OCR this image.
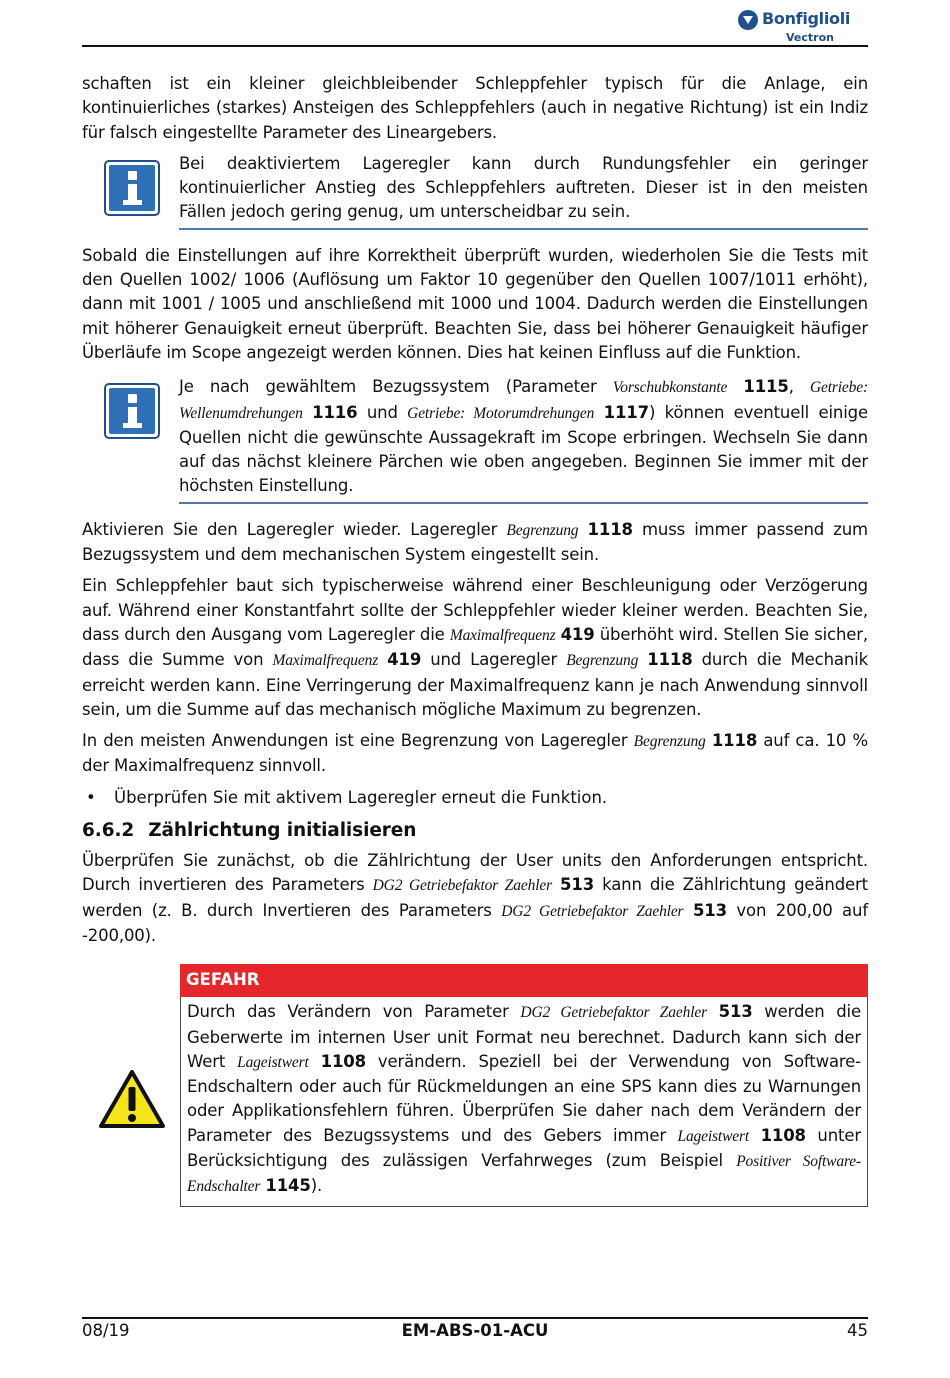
Bonfiglioli
Vectron

schaften ist ein kleiner gleichbleibender Schleppfehler typisch für die Anlage, ein kontinuierliches (starkes) Ansteigen des Schleppfehlers (auch in negative Richtung) ist ein Indiz für falsch eingestellte Parameter des Lineargebers.

Bei deaktiviertem Lageregler kann durch Rundungsfehler ein geringer kontinuierlicher Anstieg des Schleppfehlers auftreten. Dieser ist in den meisten Fällen jedoch gering genug, um unterscheidbar zu sein.

Sobald die Einstellungen auf ihre Korrektheit überprüft wurden, wiederholen Sie die Tests mit den Quellen 1002/ 1006 (Auflösung um Faktor 10 gegenüber den Quellen 1007/1011 erhöht), dann mit 1001 / 1005 und anschließend mit 1000 und 1004. Dadurch werden die Einstellungen mit höherer Genauigkeit erneut überprüft. Beachten Sie, dass bei höherer Genauigkeit häufiger Überläufe im Scope angezeigt werden können. Dies hat keinen Einfluss auf die Funktion.

Je nach gewähltem Bezugssystem (Parameter Vorschubkonstante 1115, Getriebe: Wellenumdrehungen 1116 und Getriebe: Motorumdrehungen 1117) können eventuell einige Quellen nicht die gewünschte Aussagekraft im Scope erbringen. Wechseln Sie dann auf das nächst kleinere Pärchen wie oben angegeben. Beginnen Sie immer mit der höchsten Einstellung.

Aktivieren Sie den Lageregler wieder. Lageregler Begrenzung 1118 muss immer passend zum Bezugssystem und dem mechanischen System eingestellt sein.

Ein Schleppfehler baut sich typischerweise während einer Beschleunigung oder Verzögerung auf. Während einer Konstantfahrt sollte der Schleppfehler wieder kleiner werden. Beachten Sie, dass durch den Ausgang vom Lageregler die Maximalfrequenz 419 überhöht wird. Stellen Sie sicher, dass die Summe von Maximalfrequenz 419 und Lageregler Begrenzung 1118 durch die Mechanik erreicht werden kann. Eine Verringerung der Maximalfrequenz kann je nach Anwendung sinnvoll sein, um die Summe auf das mechanisch mögliche Maximum zu begrenzen.

In den meisten Anwendungen ist eine Begrenzung von Lageregler Begrenzung 1118 auf ca. 10 % der Maximalfrequenz sinnvoll.

• Überprüfen Sie mit aktivem Lageregler erneut die Funktion.
6.6.2 Zählrichtung initialisieren

Überprüfen Sie zunächst, ob die Zählrichtung der User units den Anforderungen entspricht. Durch invertieren des Parameters DG2 Getriebefaktor Zaehler 513 kann die Zählrichtung geändert werden (z. B. durch Invertieren des Parameters DG2 Getriebefaktor Zaehler 513 von 200,00 auf -200,00).

GEFAHR
Durch das Verändern von Parameter DG2 Getriebefaktor Zaehler 513 werden die Geberwerte im internen User unit Format neu berechnet. Dadurch kann sich der Wert Lageistwert 1108 verändern. Speziell bei der Verwendung von Software-Endschaltern oder auch für Rückmeldungen an eine SPS kann dies zu Warnungen oder Applikationsfehlern führen. Überprüfen Sie daher nach dem Verändern der Parameter des Bezugssystems und des Gebers immer Lageistwert 1108 unter Berücksichtigung des zulässigen Verfahrweges (zum Beispiel Positiver Software-Endschalter 1145).
08/19	EM-ABS-01-ACU	45
